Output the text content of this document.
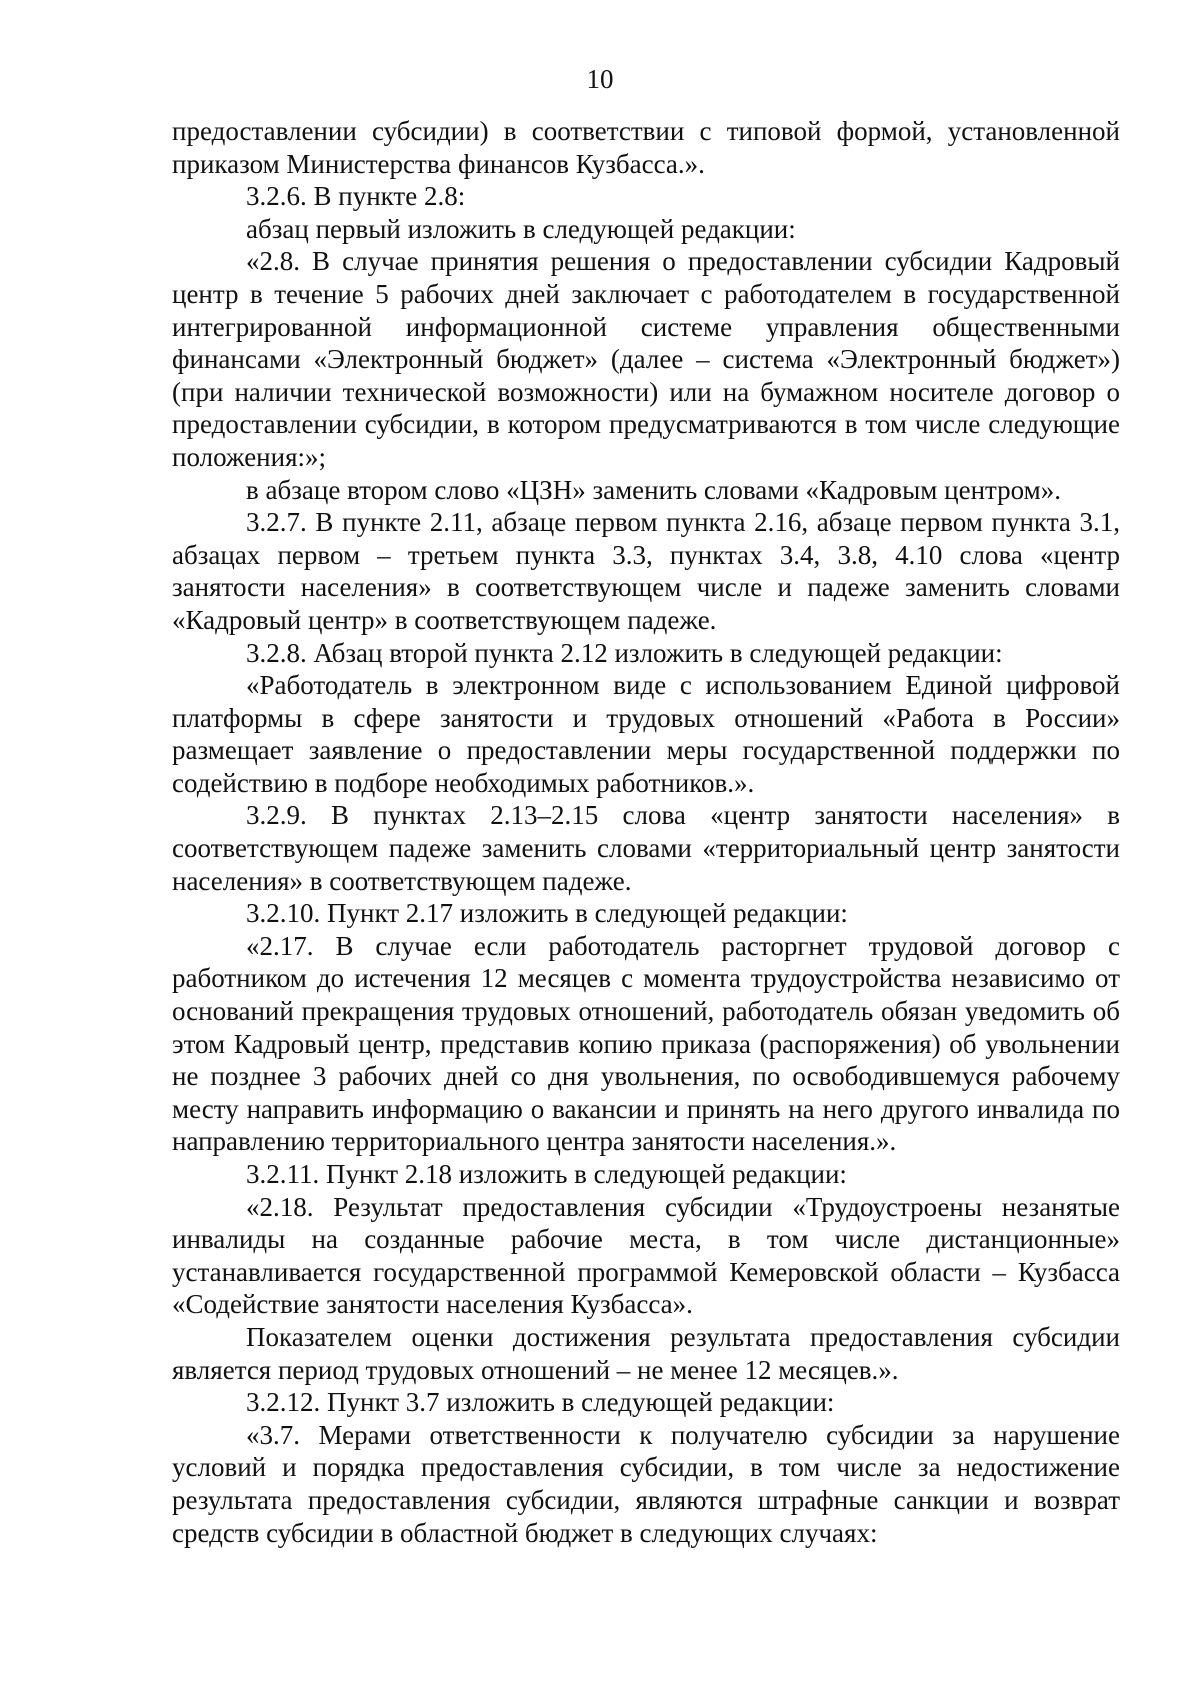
10

предоставлении субсидии) в соответствии с типовой формой, установленной приказом Министерства финансов Кузбасса.».

3.2.6. В пункте 2.8:

абзац первый изложить в следующей редакции:

«2.8. В случае принятия решения о предоставлении субсидии Кадровый центр в течение 5 рабочих дней заключает с работодателем в государственной интегрированной информационной системе управления общественными финансами «Электронный бюджет» (далее – система «Электронный бюджет») (при наличии технической возможности) или на бумажном носителе договор о предоставлении субсидии, в котором предусматриваются в том числе следующие положения:»;

в абзаце втором слово «ЦЗН» заменить словами «Кадровым центром».

3.2.7. В пункте 2.11, абзаце первом пункта 2.16, абзаце первом пункта 3.1, абзацах первом – третьем пункта 3.3, пунктах 3.4, 3.8, 4.10 слова «центр занятости населения» в соответствующем числе и падеже заменить словами «Кадровый центр» в соответствующем падеже.

3.2.8. Абзац второй пункта 2.12 изложить в следующей редакции:

«Работодатель в электронном виде с использованием Единой цифровой платформы в сфере занятости и трудовых отношений «Работа в России» размещает заявление о предоставлении меры государственной поддержки по содействию в подборе необходимых работников.».

3.2.9. В пунктах 2.13–2.15 слова «центр занятости населения» в соответствующем падеже заменить словами «территориальный центр занятости населения» в соответствующем падеже.

3.2.10. Пункт 2.17 изложить в следующей редакции:

«2.17. В случае если работодатель расторгнет трудовой договор с работником до истечения 12 месяцев с момента трудоустройства независимо от оснований прекращения трудовых отношений, работодатель обязан уведомить об этом Кадровый центр, представив копию приказа (распоряжения) об увольнении не позднее 3 рабочих дней со дня увольнения, по освободившемуся рабочему месту направить информацию о вакансии и принять на него другого инвалида по направлению территориального центра занятости населения.».

3.2.11. Пункт 2.18 изложить в следующей редакции:

«2.18. Результат предоставления субсидии «Трудоустроены незанятые инвалиды на созданные рабочие места, в том числе дистанционные» устанавливается государственной программой Кемеровской области – Кузбасса «Содействие занятости населения Кузбасса».

Показателем оценки достижения результата предоставления субсидии является период трудовых отношений – не менее 12 месяцев.».

3.2.12. Пункт 3.7 изложить в следующей редакции:

«3.7. Мерами ответственности к получателю субсидии за нарушение условий и порядка предоставления субсидии, в том числе за недостижение результата предоставления субсидии, являются штрафные санкции и возврат средств субсидии в областной бюджет в следующих случаях:
